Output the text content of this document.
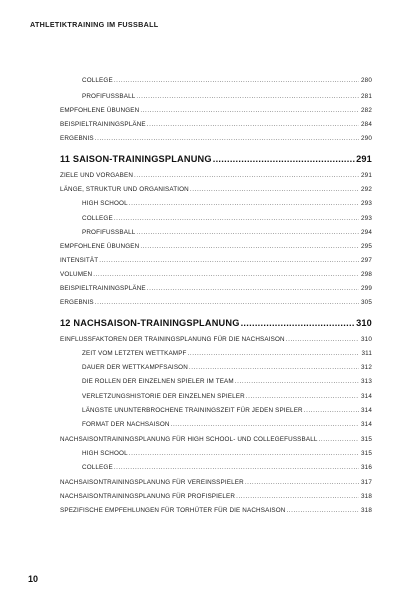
ATHLETIKTRAINING IM FUSSBALL
COLLEGE .....	280
PROFIFUSSBALL .....	281
EMPFOHLENE ÜBUNGEN .....	282
BEISPIELTRAININGSPLÄNE .....	284
ERGEBNIS .....	290
11 SAISON-TRAININGSPLANUNG .....	291
ZIELE UND VORGABEN .....	291
LÄNGE, STRUKTUR UND ORGANISATION .....	292
HIGH SCHOOL .....	293
COLLEGE .....	293
PROFIFUSSBALL .....	294
EMPFOHLENE ÜBUNGEN .....	295
INTENSITÄT .....	297
VOLUMEN .....	298
BEISPIELTRAININGSPLÄNE .....	299
ERGEBNIS .....	305
12 NACHSAISON-TRAININGSPLANUNG .....	310
EINFLUSSFAKTOREN DER TRAININGSPLANUNG FÜR DIE NACHSAISON .....	310
ZEIT VOM LETZTEN WETTKAMPF .....	311
DAUER DER WETTKAMPFSAISON .....	312
DIE ROLLEN DER EINZELNEN SPIELER IM TEAM .....	313
VERLETZUNGSHISTORIE DER EINZELNEN SPIELER .....	314
LÄNGSTE UNUNTERBROCHENE TRAININGSZEIT FÜR JEDEN SPIELER .....	314
FORMAT DER NACHSAISON .....	314
NACHSAISONTRAININGSPLANUNG FÜR HIGH SCHOOL- UND COLLEGEFUSSBALL .....	315
HIGH SCHOOL .....	315
COLLEGE .....	316
NACHSAISONTRAININGSPLANUNG FÜR VEREINSSPIELER .....	317
NACHSAISONTRAININGSPLANUNG FÜR PROFISPIELER .....	318
SPEZIFISCHE EMPFEHLUNGEN FÜR TORHÜTER FÜR DIE NACHSAISON .....	318
10
